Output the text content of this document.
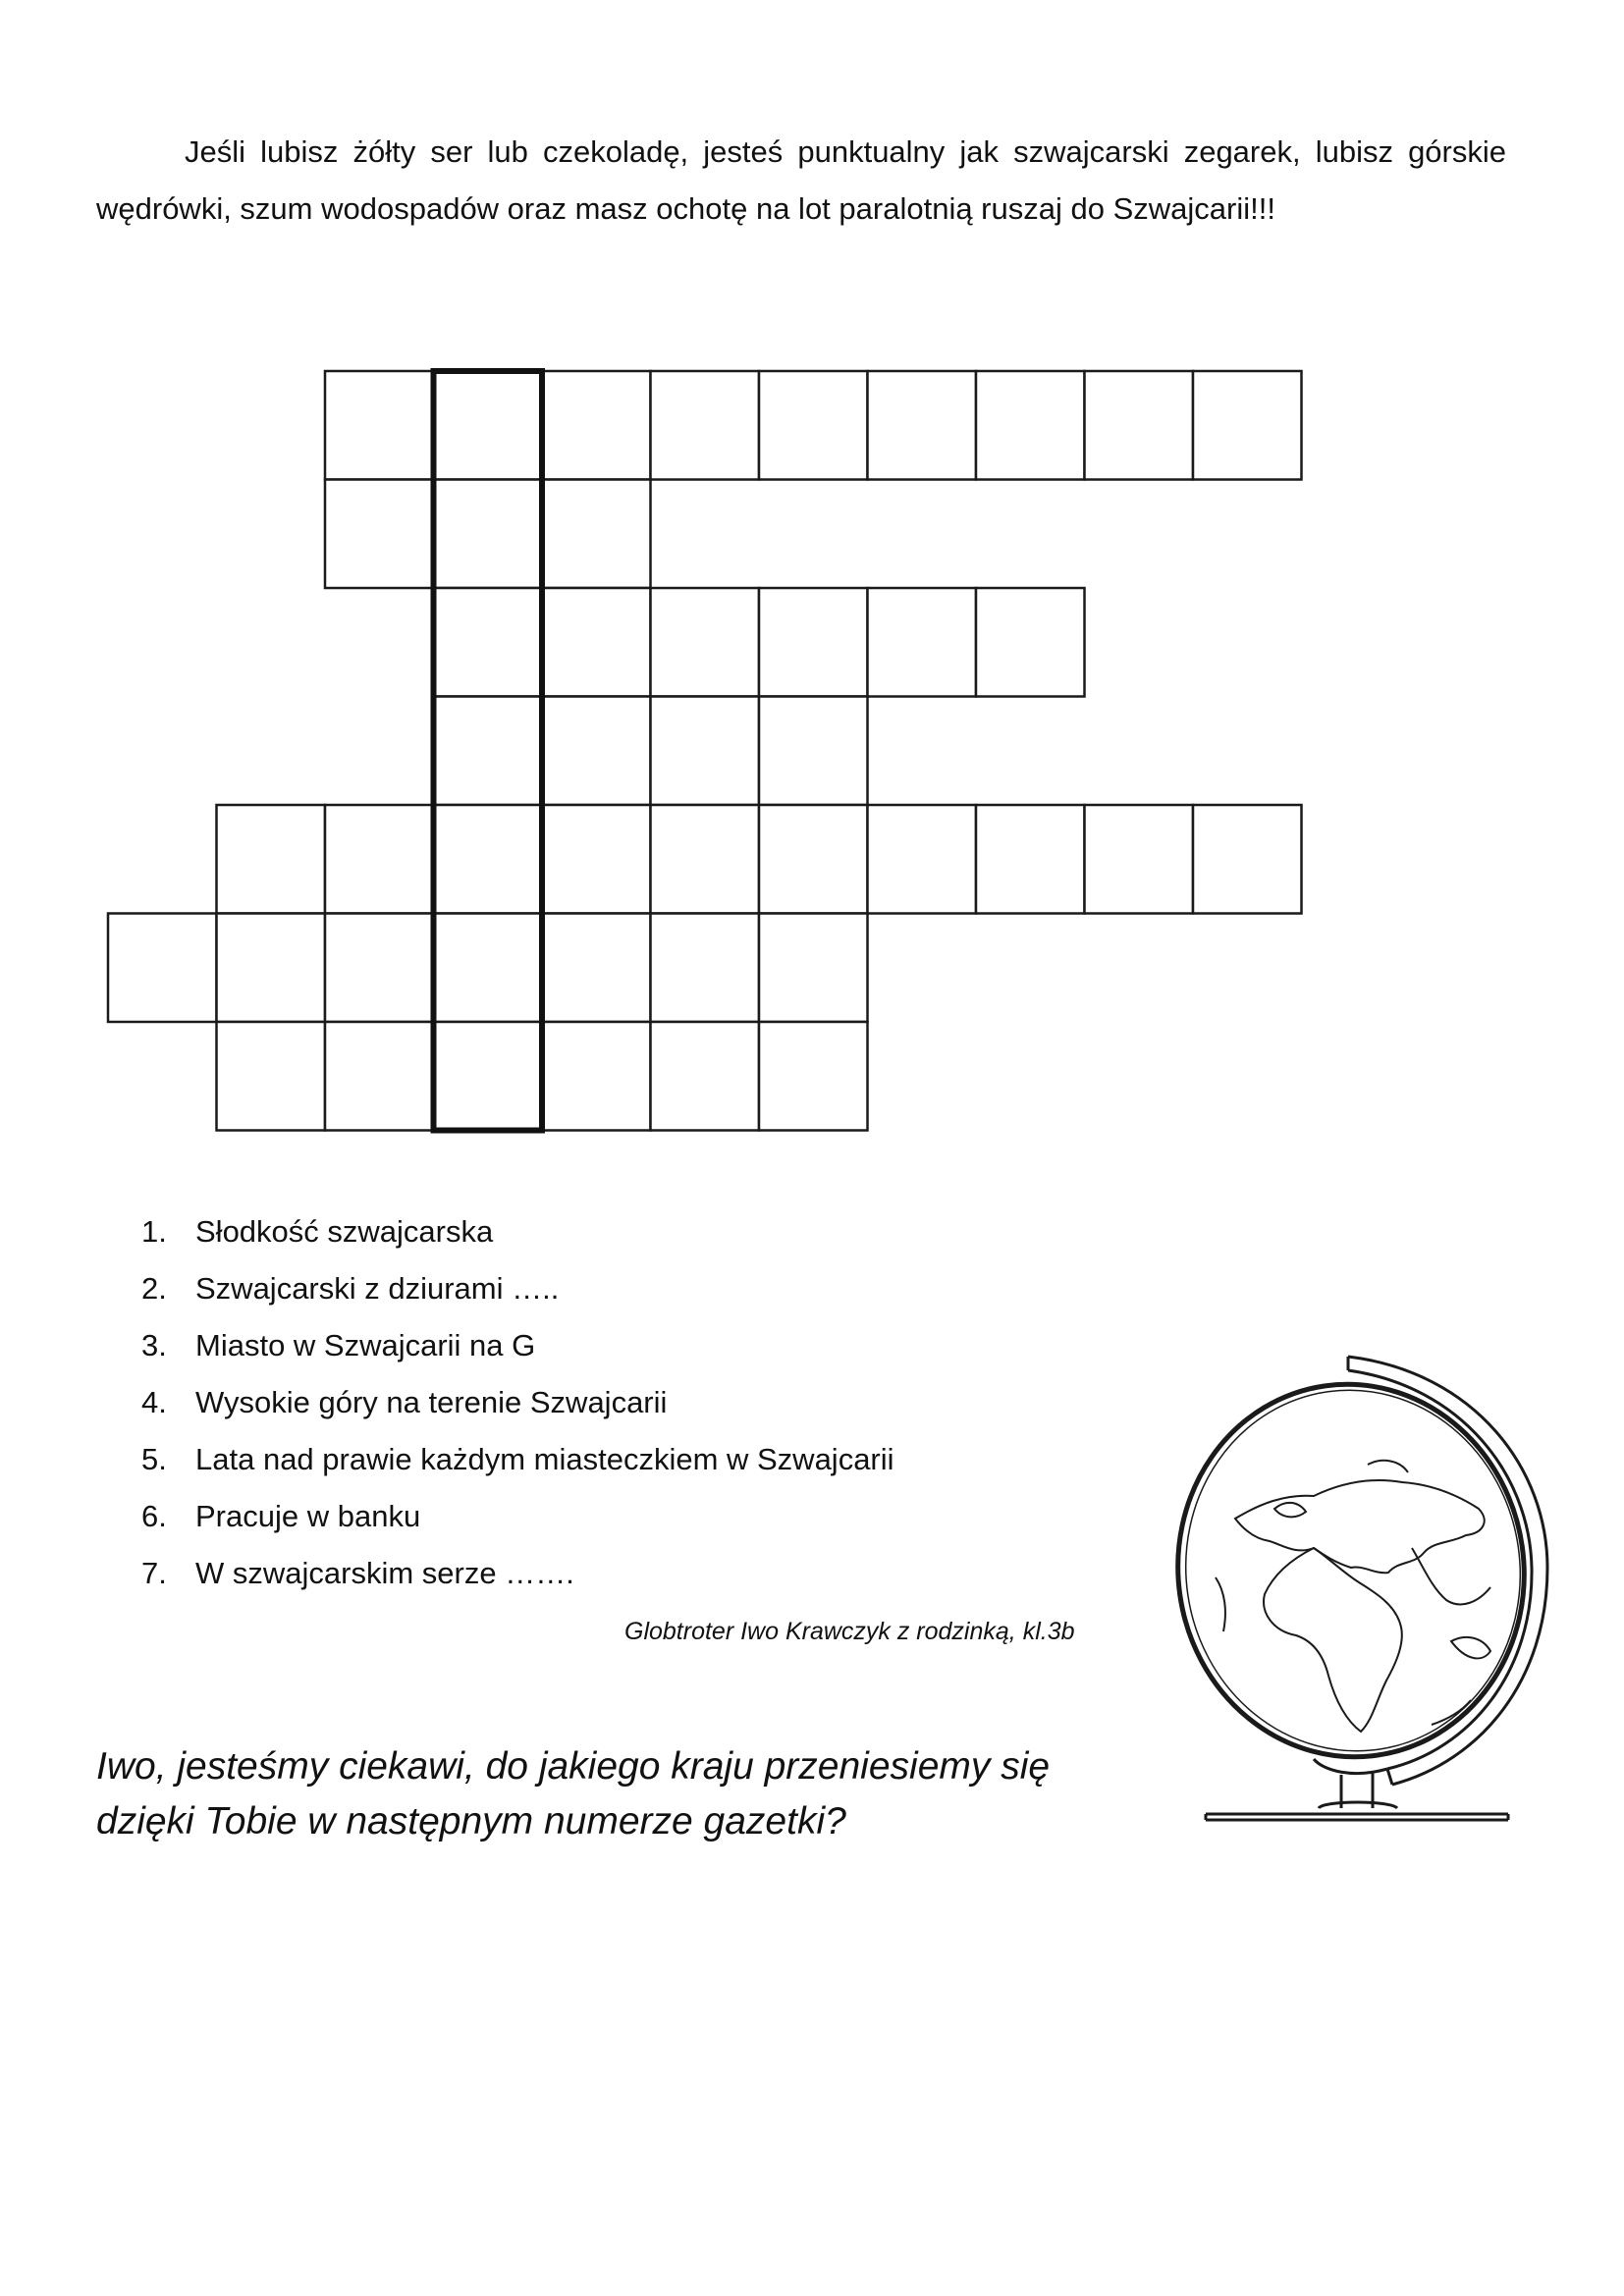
Jeśli lubisz żółty ser lub czekoladę, jesteś punktualny jak szwajcarski zegarek, lubisz górskie wędrówki, szum wodospadów oraz masz ochotę na lot paralotnią ruszaj do Szwajcarii!!!

1. Słodkość szwajcarska
2. Szwajcarski z dziurami …..
3. Miasto w Szwajcarii na G
4. Wysokie góry na terenie Szwajcarii
5. Lata nad prawie każdym miasteczkiem w Szwajcarii
6. Pracuje w banku
7. W szwajcarskim serze …….
Globtroter Iwo Krawczyk z rodzinką, kl.3b

Iwo, jesteśmy ciekawi, do jakiego kraju przeniesiemy się
dzięki Tobie w następnym numerze gazetki?
